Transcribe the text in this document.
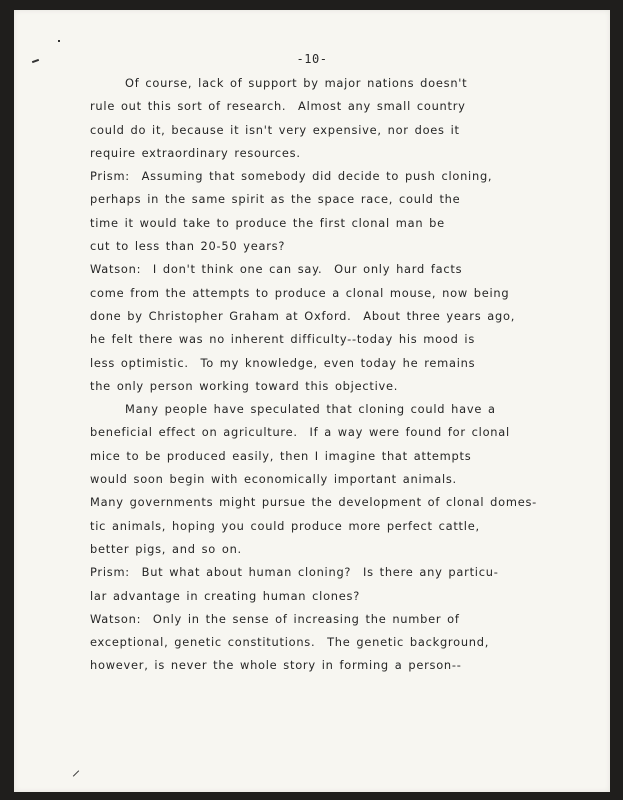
-10-
Of course, lack of support by major nations doesn't
rule out this sort of research.  Almost any small country
could do it, because it isn't very expensive, nor does it
require extraordinary resources.
Prism:  Assuming that somebody did decide to push cloning,
perhaps in the same spirit as the space race, could the
time it would take to produce the first clonal man be
cut to less than 20-50 years?
Watson:  I don't think one can say.  Our only hard facts
come from the attempts to produce a clonal mouse, now being
done by Christopher Graham at Oxford.  About three years ago,
he felt there was no inherent difficulty--today his mood is
less optimistic.  To my knowledge, even today he remains
the only person working toward this objective.
Many people have speculated that cloning could have a
beneficial effect on agriculture.  If a way were found for clonal
mice to be produced easily, then I imagine that attempts
would soon begin with economically important animals.
Many governments might pursue the development of clonal domes-
tic animals, hoping you could produce more perfect cattle,
better pigs, and so on.
Prism:  But what about human cloning?  Is there any particu-
lar advantage in creating human clones?
Watson:  Only in the sense of increasing the number of
exceptional, genetic constitutions.  The genetic background,
however, is never the whole story in forming a person--
